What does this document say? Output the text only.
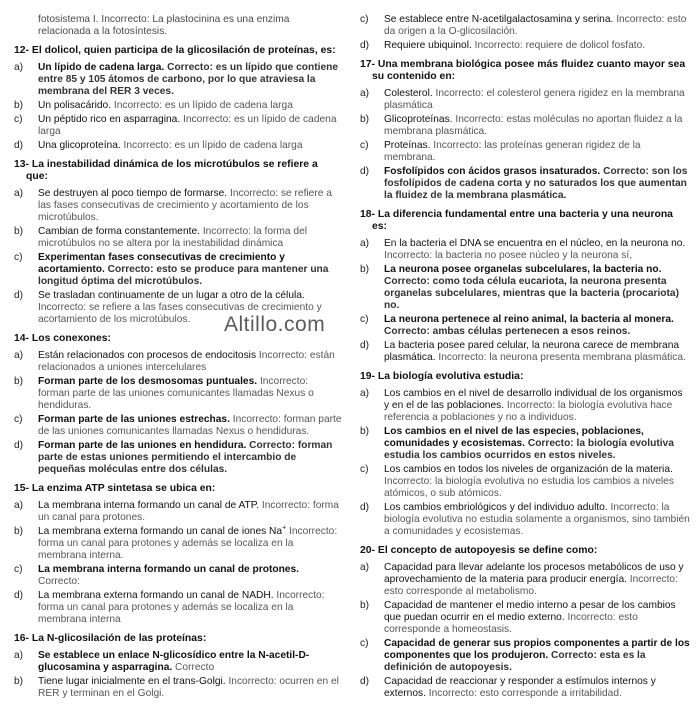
fotosistema I. Incorrecto: La plastocinina es una enzima relacionada a la fotosíntesis.

12- El dolicol, quien participa de la glicosilación de proteínas, es:
a) Un lípido de cadena larga. Correcto: es un lípido que contiene entre 85 y 105 átomos de carbono, por lo que atraviesa la membrana del RER 3 veces.
b) Un polisacárido. Incorrecto: es un lípido de cadena larga
c) Un péptido rico en asparragina. Incorrecto: es un lípido de cadena larga
d) Una glicoproteína. Incorrecto: es un lípido de cadena larga
13- La inestabilidad dinámica de los microtúbulos se refiere a que:
a) Se destruyen al poco tiempo de formarse. Incorrecto: se refiere a las fases consecutivas de crecimiento y acortamiento de los microtúbulos.
b) Cambian de forma constantemente. Incorrecto: la forma del microtúbulos no se altera por la inestabilidad dinámica
c) Experimentan fases consecutivas de crecimiento y acortamiento. Correcto: esto se produce para mantener una longitud óptima del microtúbulos.
d) Se trasladan continuamente de un lugar a otro de la célula. Incorrecto: se refiere a las fases consecutivas de crecimiento y acortamiento de los microtúbulos.
14- Los conexones:
a) Están relacionados con procesos de endocitosis Incorrecto: están relacionados a uniones intercelulares
b) Forman parte de los desmosomas puntuales. Incorrecto: forman parte de las uniones comunicantes llamadas Nexus o hendiduras.
c) Forman parte de las uniones estrechas. Incorrecto: forman parte de las uniones comunicantes llamadas Nexus o hendiduras.
d) Forman parte de las uniones en hendidura. Correcto: forman parte de estas uniones permitiendo el intercambio de pequeñas moléculas entre dos células.
15- La enzima ATP sintetasa se ubica en:
a) La membrana interna formando un canal de ATP. Incorrecto: forma un canal para protones.
b) La membrana externa formando un canal de iones Na+ Incorrecto: forma un canal para protones y además se localiza en la membrana interna.
c) La membrana interna formando un canal de protones. Correcto:
d) La membrana externa formando un canal de NADH. Incorrecto: forma un canal para protones y además se localiza en la membrana interna
16- La N-glicosilación de las proteínas:
a) Se establece un enlace N-glicosídico entre la N-acetil-D-glucosamina y asparragina. Correcto
b) Tiene lugar inicialmente en el trans-Golgi. Incorrecto: ocurren en el RER y terminan en el Golgi.
Altillo.com
c) Se establece entre N-acetilgalactosamina y serina. Incorrecto: esto da origen a la O-glicosilación.
d) Requiere ubiquinol. Incorrecto: requiere de dolicol fosfato.
17- Una membrana biológica posee más fluidez cuanto mayor sea su contenido en:
a) Colesterol. Incorrecto: el colesterol genera rigidez en la membrana plasmática
b) Glicoproteínas. Incorrecto: estas moléculas no aportan fluidez a la membrana plasmática.
c) Proteínas. Incorrecto: las proteínas generan rigidez de la membrana.
d) Fosfolípidos con ácidos grasos insaturados. Correcto: son los fosfolípidos de cadena corta y no saturados los que aumentan la fluidez de la membrana plasmática.
18- La diferencia fundamental entre una bacteria y una neurona es:
a) En la bacteria el DNA se encuentra en el núcleo, en la neurona no. Incorrecto: la bacteria no posee núcleo y la neurona sí,
b) La neurona posee organelas subcelulares, la bacteria no. Correcto: como toda célula eucariota, la neurona presenta organelas subcelulares, mientras que la bacteria (procariota) no.
c) La neurona pertenece al reino animal, la bacteria al monera. Correcto: ambas células pertenecen a esos reinos.
d) La bacteria posee pared celular, la neurona carece de membrana plasmática. Incorrecto: la neurona presenta membrana plasmática.
19- La biología evolutiva estudia:
a) Los cambios en el nivel de desarrollo individual de los organismos y en el de las poblaciones. Incorrecto: la biología evolutiva hace referencia a poblaciones y no a individuos.
b) Los cambios en el nivel de las especies, poblaciones, comunidades y ecosistemas. Correcto: la biología evolutiva estudia los cambios ocurridos en estos niveles.
c) Los cambios en todos los niveles de organización de la materia. Incorrecto: la biología evolutiva no estudia los cambios a niveles atómicos, o sub atómicos.
d) Los cambios embriológicos y del individuo adulto. Incorrecto: la biología evolutiva no estudia solamente a organismos, sino también a comunidades y ecosistemas.
20- El concepto de autopoyesis se define como:
a) Capacidad para llevar adelante los procesos metabólicos de uso y aprovechamiento de la materia para producir energía. Incorrecto: esto corresponde al metabolismo.
b) Capacidad de mantener el medio interno a pesar de los cambios que puedan ocurrir en el medio externo. Incorrecto: esto corresponde a homeostasis.
c) Capacidad de generar sus propios componentes a partir de los componentes que los produjeron. Correcto: esta es la definición de autopoyesis.
d) Capacidad de reaccionar y responder a estímulos internos y externos. Incorrecto: esto corresponde a irritabilidad.
